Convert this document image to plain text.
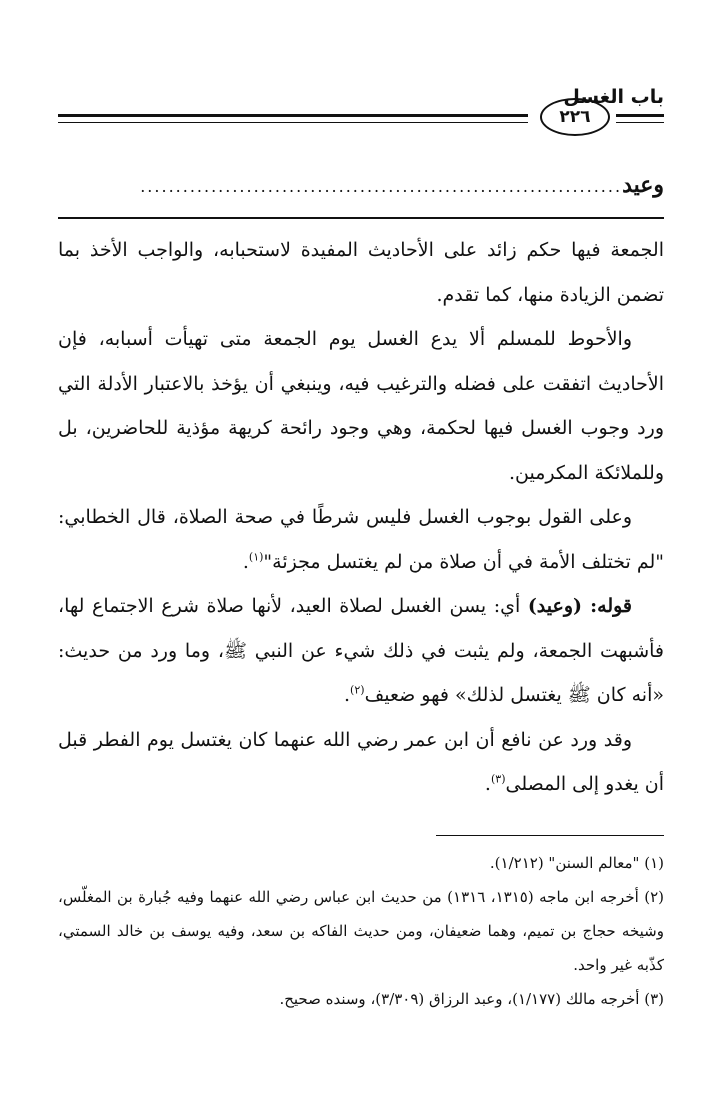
باب الغسل
٢٢٦
وعيد
....................................................................

الجمعة فيها حكم زائد على الأحاديث المفيدة لاستحبابه، والواجب الأخذ بما تضمن الزيادة منها، كما تقدم.

والأحوط للمسلم ألا يدع الغسل يوم الجمعة متى تهيأت أسبابه، فإن الأحاديث اتفقت على فضله والترغيب فيه، وينبغي أن يؤخذ بالاعتبار الأدلة التي ورد وجوب الغسل فيها لحكمة، وهي وجود رائحة كريهة مؤذية للحاضرين، بل وللملائكة المكرمين.

وعلى القول بوجوب الغسل فليس شرطًا في صحة الصلاة، قال الخطابي: "لم تختلف الأمة في أن صلاة من لم يغتسل مجزئة"$^{(١)}$.

قوله: (وعيد) أي: يسن الغسل لصلاة العيد، لأنها صلاة شرع الاجتماع لها، فأشبهت الجمعة، ولم يثبت في ذلك شيء عن النبي ﷺ، وما ورد من حديث: «أنه كان ﷺ يغتسل لذلك» فهو ضعيف$^{(٢)}$.

وقد ورد عن نافع أن ابن عمر رضي الله عنهما كان يغتسل يوم الفطر قبل أن يغدو إلى المصلى$^{(٣)}$.

(١) "معالم السنن" (١/٢١٢).

(٢) أخرجه ابن ماجه (١٣١٥، ١٣١٦) من حديث ابن عباس رضي الله عنهما وفيه جُبارة بن المغلّس، وشيخه حجاج بن تميم، وهما ضعيفان، ومن حديث الفاكه بن سعد، وفيه يوسف بن خالد السمتي، كذّبه غير واحد.

(٣) أخرجه مالك (١/١٧٧)، وعبد الرزاق (٣/٣٠٩)، وسنده صحيح.
